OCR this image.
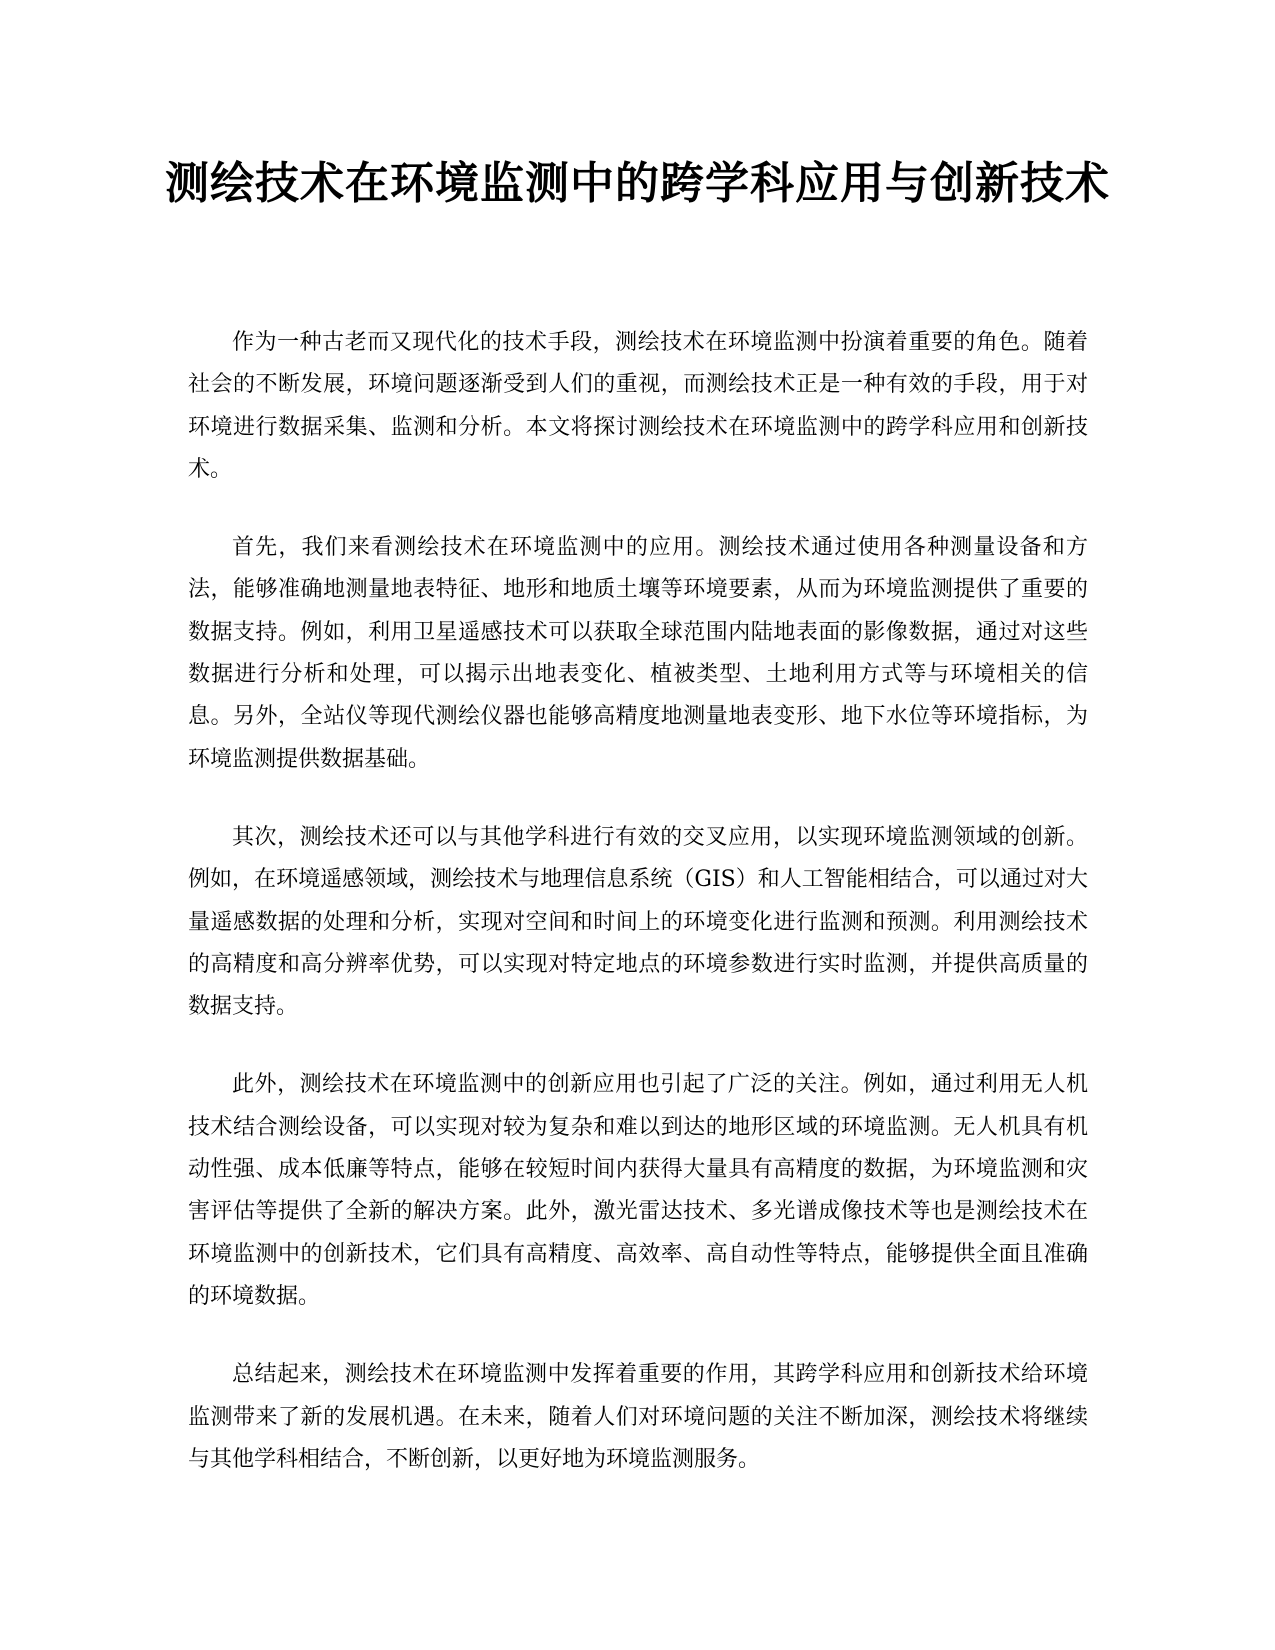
测绘技术在环境监测中的跨学科应用与创新技术

作为一种古老而又现代化的技术手段，测绘技术在环境监测中扮演着重要的角色。随着社会的不断发展，环境问题逐渐受到人们的重视，而测绘技术正是一种有效的手段，用于对环境进行数据采集、监测和分析。本文将探讨测绘技术在环境监测中的跨学科应用和创新技术。

首先，我们来看测绘技术在环境监测中的应用。测绘技术通过使用各种测量设备和方法，能够准确地测量地表特征、地形和地质土壤等环境要素，从而为环境监测提供了重要的数据支持。例如，利用卫星遥感技术可以获取全球范围内陆地表面的影像数据，通过对这些数据进行分析和处理，可以揭示出地表变化、植被类型、土地利用方式等与环境相关的信息。另外，全站仪等现代测绘仪器也能够高精度地测量地表变形、地下水位等环境指标，为环境监测提供数据基础。

其次，测绘技术还可以与其他学科进行有效的交叉应用，以实现环境监测领域的创新。例如，在环境遥感领域，测绘技术与地理信息系统（GIS）和人工智能相结合，可以通过对大量遥感数据的处理和分析，实现对空间和时间上的环境变化进行监测和预测。利用测绘技术的高精度和高分辨率优势，可以实现对特定地点的环境参数进行实时监测，并提供高质量的数据支持。

此外，测绘技术在环境监测中的创新应用也引起了广泛的关注。例如，通过利用无人机技术结合测绘设备，可以实现对较为复杂和难以到达的地形区域的环境监测。无人机具有机动性强、成本低廉等特点，能够在较短时间内获得大量具有高精度的数据，为环境监测和灾害评估等提供了全新的解决方案。此外，激光雷达技术、多光谱成像技术等也是测绘技术在环境监测中的创新技术，它们具有高精度、高效率、高自动性等特点，能够提供全面且准确的环境数据。

总结起来，测绘技术在环境监测中发挥着重要的作用，其跨学科应用和创新技术给环境监测带来了新的发展机遇。在未来，随着人们对环境问题的关注不断加深，测绘技术将继续与其他学科相结合，不断创新，以更好地为环境监测服务。
